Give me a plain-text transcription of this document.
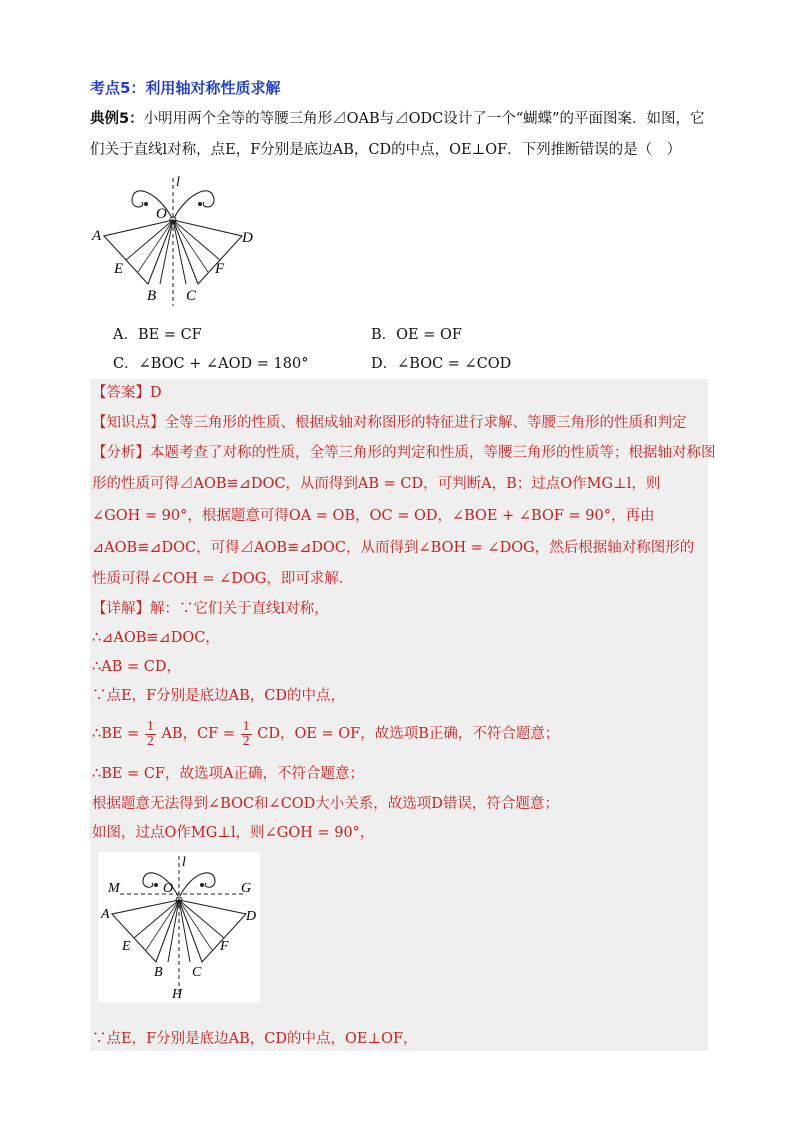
考点5：利用轴对称性质求解
典例5：小明用两个全等的等腰三角形⊿OAB与⊿ODC设计了一个“蝴蝶”的平面图案．如图，它
们关于直线l对称，点E，F分别是底边AB，CD的中点，OE⊥OF．下列推断错误的是（　）
l
O
A
E
B C
F
D
A．BE = CF	B．OE = OF
C．∠BOC + ∠AOD = 180°	D．∠BOC = ∠COD
【答案】D
【知识点】全等三角形的性质、根据成轴对称图形的特征进行求解、等腰三角形的性质和判定
【分析】本题考查了对称的性质，全等三角形的判定和性质，等腰三角形的性质等；根据轴对称图
形的性质可得⊿AOB≌⊿DOC，从而得到AB = CD，可判断A，B；过点O作MG⊥l，则
∠GOH = 90°，根据题意可得OA = OB，OC = OD，∠BOE + ∠BOF = 90°，再由
⊿AOB≌⊿DOC，可得⊿AOB≌⊿DOC，从而得到∠BOH = ∠DOG，然后根据轴对称图形的
性质可得∠COH = ∠DOG，即可求解．
【详解】解：∵它们关于直线l对称，
∴⊿AOB≌⊿DOC，
∴AB = CD，
∵点E，F分别是底边AB，CD的中点，
∴BE = $\frac{1}{2}$ AB，CF = $\frac{1}{2}$ CD，OE = OF，故选项B正确，不符合题意；
∴BE = CF，故选项A正确，不符合题意；
根据题意无法得到∠BOC和∠COD大小关系，故选项D错误，符合题意；
如图，过点O作MG⊥l，则∠GOH = 90°，
l
M	O	G
A
E
B C
F
D
H
∵点E，F分别是底边AB，CD的中点，OE⊥OF，
